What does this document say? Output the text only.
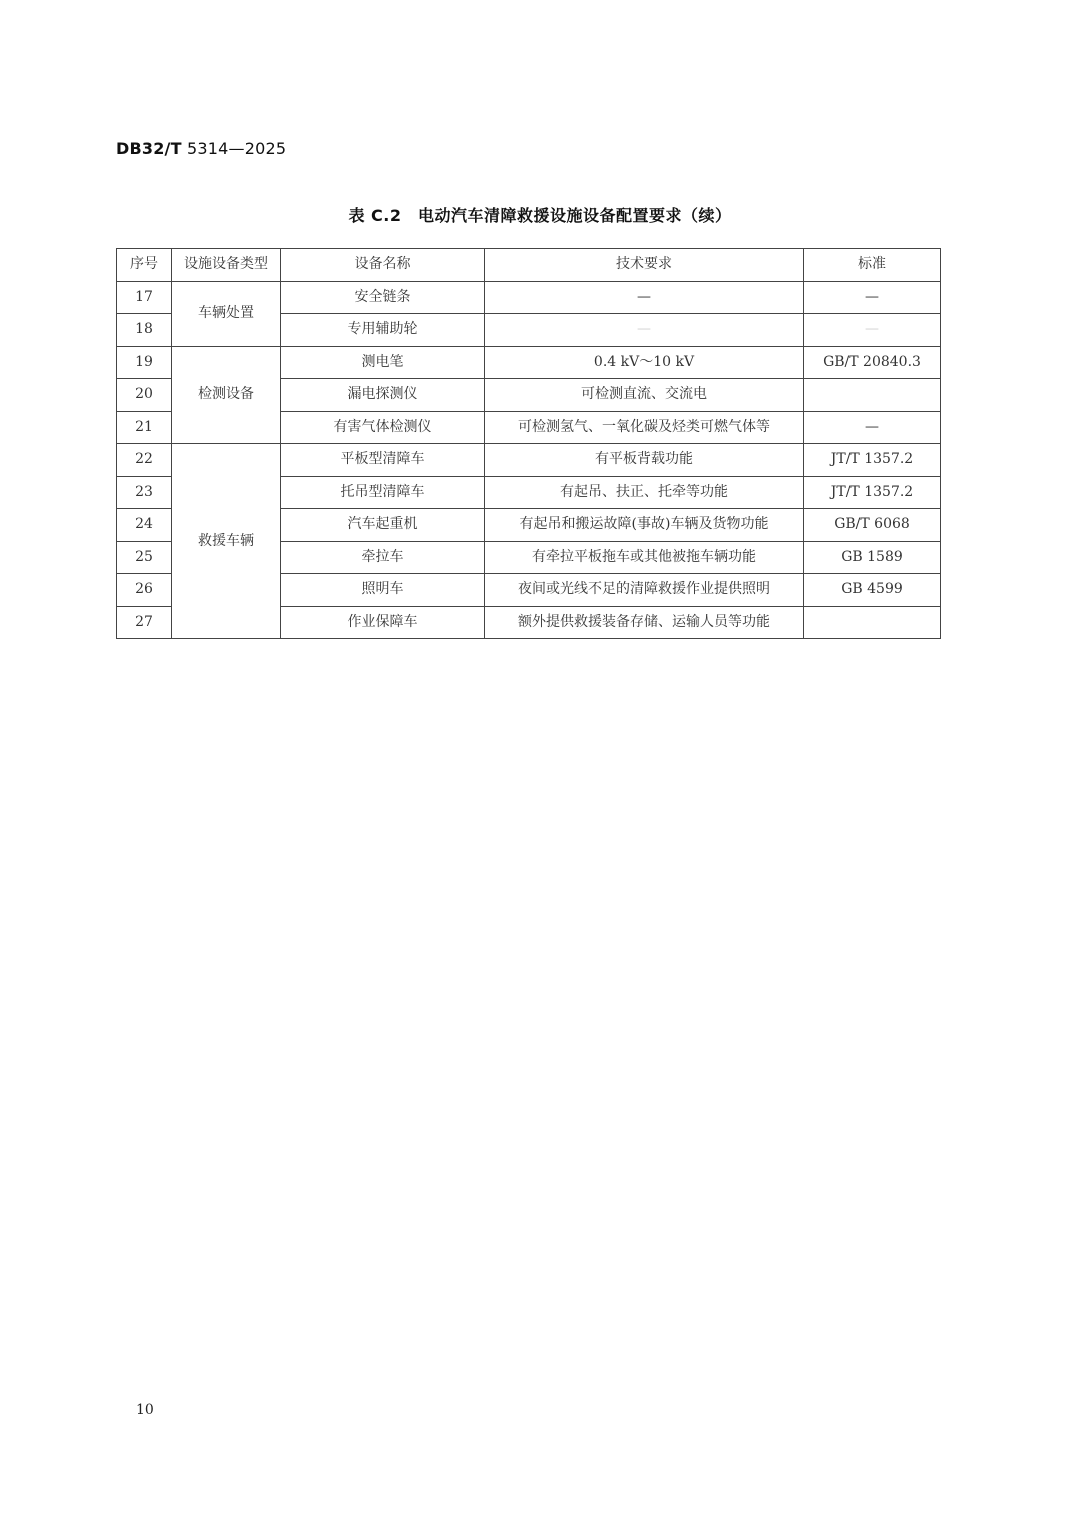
DB32/T 5314—2025
表 C.2　电动汽车清障救援设施设备配置要求（续）
序号	设施设备类型	设备名称	技术要求	标准
17	车辆处置	安全链条	—	—
18		专用辅助轮	—	—
19	检测设备	测电笔	0.4 kV～10 kV	GB/T 20840.3
20		漏电探测仪	可检测直流、交流电	
21		有害气体检测仪	可检测氢气、一氧化碳及烃类可燃气体等	—
22	救援车辆	平板型清障车	有平板背载功能	JT/T 1357.2
23		托吊型清障车	有起吊、扶正、托牵等功能	JT/T 1357.2
24		汽车起重机	有起吊和搬运故障(事故)车辆及货物功能	GB/T 6068
25		牵拉车	有牵拉平板拖车或其他被拖车辆功能	GB 1589
26		照明车	夜间或光线不足的清障救援作业提供照明	GB 4599
27		作业保障车	额外提供救援装备存储、运输人员等功能	
10
